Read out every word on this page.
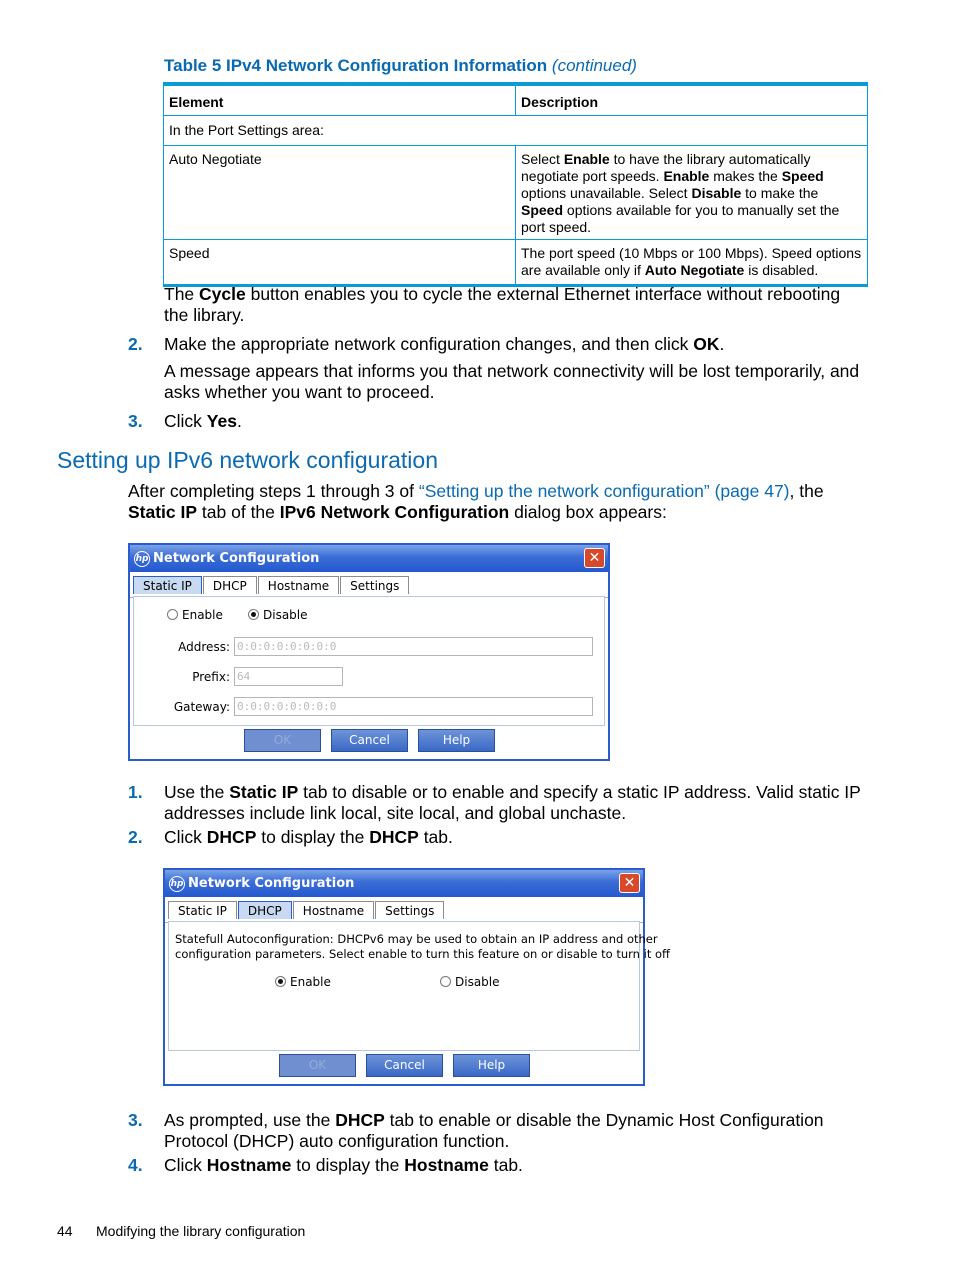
Table 5 IPv4 Network Configuration Information (continued)
Element	Description
In the Port Settings area:	
Auto Negotiate	Select Enable to have the library automatically negotiate port speeds. Enable makes the Speed options unavailable. Select Disable to make the Speed options available for you to manually set the port speed.
Speed	The port speed (10 Mbps or 100 Mbps). Speed options are available only if Auto Negotiate is disabled.
The Cycle button enables you to cycle the external Ethernet interface without rebooting the library.
2. Make the appropriate network configuration changes, and then click OK.
A message appears that informs you that network connectivity will be lost temporarily, and asks whether you want to proceed.
3. Click Yes.
Setting up IPv6 network configuration
After completing steps 1 through 3 of “Setting up the network configuration” (page 47), the Static IP tab of the IPv6 Network Configuration dialog box appears:
hp Network Configuration	✕
Static IP	DHCP	Hostname	Settings
Enable	Disable
Address: 0:0:0:0:0:0:0:0
Prefix: 64
Gateway: 0:0:0:0:0:0:0:0
OK	Cancel	Help
1. Use the Static IP tab to disable or to enable and specify a static IP address. Valid static IP addresses include link local, site local, and global unchaste.
2. Click DHCP to display the DHCP tab.
hp Network Configuration	✕
Static IP	DHCP	Hostname	Settings
Statefull Autoconfiguration: DHCPv6 may be used to obtain an IP address and other
configuration parameters. Select enable to turn this feature on or disable to turn it off
Enable	Disable
OK	Cancel	Help
3. As prompted, use the DHCP tab to enable or disable the Dynamic Host Configuration Protocol (DHCP) auto configuration function.
4. Click Hostname to display the Hostname tab.
44 Modifying the library configuration
